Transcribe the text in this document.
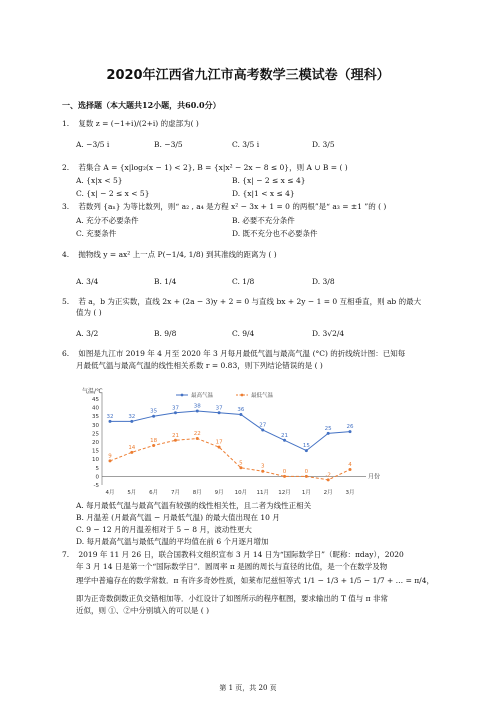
2020年江西省九江市高考数学三模试卷（理科）
一、选择题（本大题共12小题，共60.0分）
1. 复数 z = (−1+i)/(2+i) 的虚部为( )
A. −3/5 i	B. −3/5	C. 3/5 i	D. 3/5
2. 若集合 A = {x|log₂(x − 1) < 2}, B = {x|x² − 2x − 8 ≤ 0}，则 A ∪ B = ( )
A. {x|x < 5}	B. {x| − 2 ≤ x ≤ 4}
C. {x| − 2 ≤ x < 5}	D. {x|1 < x ≤ 4}
3. 若数列 {aₙ} 为等比数列，则“ a₂ , a₄ 是方程 x² − 3x + 1 = 0 的两根”是“ a₃ = ±1 ”的 ( )
A. 充分不必要条件	B. 必要不充分条件
C. 充要条件	D. 既不充分也不必要条件
4. 抛物线 y = ax² 上一点 P(−1/4, 1/8) 到其准线的距离为 ( )
A. 3/4	B. 1/4	C. 1/8	D. 3/8
5. 若 a，b 为正实数，直线 2x + (2a − 3)y + 2 = 0 与直线 bx + 2y − 1 = 0 互相垂直，则 ab 的最大
值为 ( )
A. 3/2	B. 9/8	C. 9/4	D. 3√2/4
6. 如图是九江市 2019 年 4 月至 2020 年 3 月每月最低气温与最高气温 (°C) 的折线统计图：已知每
月最低气温与最高气温的线性相关系数 r = 0.83，则下列结论错误的是 ( )
-5
0
5
10
15
20
25
30
35
40
45
气温/℃
月份
4月 5月 6月 7月 8月 9月 10月 11月 12月 1月 2月 3月
最高气温	最低气温
32	32
35
37	38	37	36
27
21
15
25	26
9
14
18
21	22
17
5
3
0	0
-2
4
A. 每月最低气温与最高气温有较强的线性相关性，且二者为线性正相关
B. 月温差 (月最高气温 − 月最低气温) 的最大值出现在 10 月
C. 9 − 12 月的月温差相对于 5 − 8 月，波动性更大
D. 每月最高气温与最低气温的平均值在前 6 个月逐月增加
7. 2019 年 11 月 26 日，联合国教科文组织宣布 3 月 14 日为“国际数学日”（昵称：πday），2020
年 3 月 14 日是第一个“国际数学日”．圆周率 π 是圆的周长与直径的比值，是一个在数学及物
理学中普遍存在的数学常数．π 有许多奇妙性质，如莱布尼兹恒等式 1/1 − 1/3 + 1/5 − 1/7 + … = π/4，
即为正奇数倒数正负交错相加等．小红设计了如图所示的程序框图，要求输出的 T 值与 π 非常
近似，则 ①、②中分别填入的可以是 ( )
第 1 页，共 20 页
